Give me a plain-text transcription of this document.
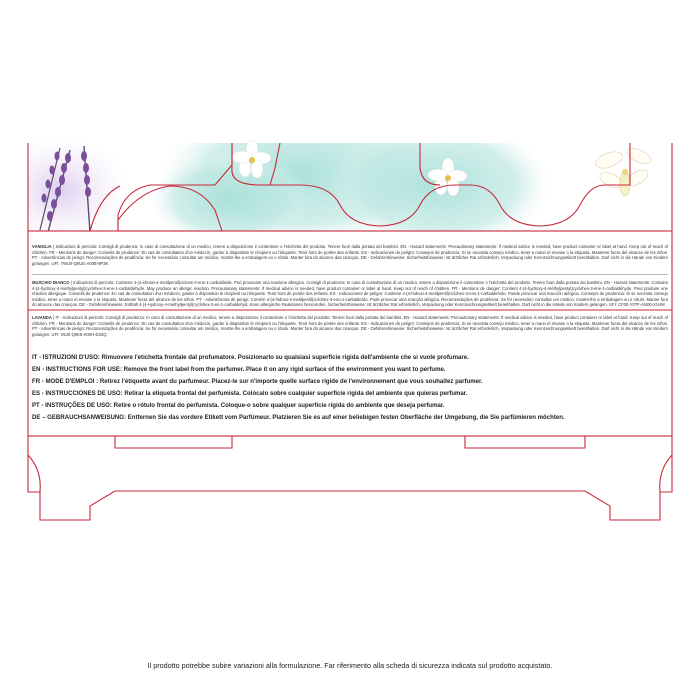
VANIGLIA | Indicazioni di pericolo: Consigli di prudenza: In caso di consultazione di un medico, tenere a disposizione il contenitore o l'etichetta del prodotto. Tenere fuori dalla portata dei bambini. EN - Hazard statements: Precautionary statements: If medical advice is needed, have product container or label at hand. Keep out of reach of children. FR - Mentions de danger: Conseils de prudence: En cas de consultation d'un médecin, garder à disposition le récipient ou l'étiquette. Tenir hors de portée des enfants. ES - Indicaciones de peligro: Consejos de prudencia: Si se necesita consejo médico, tener a mano el envase o la etiqueta. Mantener fuera del alcance de los niños. PT - Advertências de perigo: Recomendações de prudência: Se for necessário consultar um médico, mostre-lhe a embalagem ou o rótulo. Manter fora do alcance das crianças. DE - Gefahrenhinweise: Sicherheitshinweise: Ist ärztlicher Rat erforderlich, Verpackung oder Kennzeichnungsetikett bereithalten. Darf nicht in die Hände von Kindern gelangen. UFI: 7WU0-Q0UE-A00B-9P3K
MUSCHIO BIANCO | Indicazioni di pericolo: Contiene 4-(4-idrossi-4-metilpentil)cicloes-3-ene-1-carbaldeide. Può provocare una reazione allergica. Consigli di prudenza: In caso di consultazione di un medico, tenere a disposizione il contenitore o l'etichetta del prodotto. Tenere fuori dalla portata dei bambini. EN - Hazard statements: Contains 4-(4-hydroxy-4-methylpentyl)cyclohex-3-ene-1-carbaldehyde. May produce an allergic reaction. Precautionary statements: If medical advice is needed, have product container or label at hand. Keep out of reach of children. FR - Mentions de danger: Contient 4-(4-hydroxy-4-méthylpentyl)cyclohex-3-ène-1-carbaldéhyde. Peut produire une réaction allergique. Conseils de prudence: En cas de consultation d'un médecin, garder à disposition le récipient ou l'étiquette. Tenir hors de portée des enfants. ES - Indicaciones de peligro: Contiene 4-(4-hidroxi-4-metilpentil)ciclohex-3-eno-1-carbaldehído. Puede provocar una reacción alérgica. Consejos de prudencia: Si se necesita consejo médico, tener a mano el envase o la etiqueta. Mantener fuera del alcance de los niños. PT - Advertências de perigo: Contém 4-(4-hidroxi-4-metilpentil)ciclohex-3-eno-1-carbaldeído. Pode provocar uma reacção alérgica. Recomendações de prudência: Se for necessário consultar um médico, mostre-lhe a embalagem ou o rótulo. Manter fora do alcance das crianças. DE - Gefahrenhinweise: Enthält 4-(4-Hydroxy-4-methylpentyl)cyclohex-3-en-1-carbaldehyd. Kann allergische Reaktionen hervorrufen. Sicherheitshinweise: Ist ärztlicher Rat erforderlich, Verpackung oder Kennzeichnungsetikett bereithalten. Darf nicht in die Hände von Kindern gelangen. UFI: CF00-Y07F-AN00-X1HM
LAVANDA | IT - Indicazioni di pericolo: Consigli di prudenza: In caso di consultazione di un medico, tenere a disposizione il contenitore o l'etichetta del prodotto. Tenere fuori dalla portata dei bambini. EN - Hazard statements: Precautionary statements: If medical advice is needed, have product container or label at hand. Keep out of reach of children. FR - Mentions de danger: Conseils de prudence: En cas de consultation d'un médecin, garder à disposition le récipient ou l'étiquette. Tenir hors de portée des enfants. ES - Indicaciones de peligro: Consejos de prudencia: Si se necesita consejo médico, tener a mano el envase o la etiqueta. Mantener fuera del alcance de los niños. PT - Advertências de perigo: Recomendações de prudência: Se for necessário consultar um médico, mostre-lhe a embalagem ou o rótulo. Manter fora do alcance das crianças. DE - Gefahrenhinweise: Sicherheitshinweise: Ist ärztlicher Rat erforderlich, Verpackung oder Kennzeichnungsetikett bereithalten. Darf nicht in die Hände von Kindern gelangen. UFI: V5J0-Q0K6-X00H-D23Q
IT - ISTRUZIONI D'USO: Rimuovere l'etichetta frontale dal profumatore. Posizionarlo su qualsiasi superficie rigida dell'ambiente che si vuole profumare.
EN - INSTRUCTIONS FOR USE: Remove the front label from the perfumer. Place it on any rigid surface of the environment you want to perfume.
FR - MODE D'EMPLOI : Retirez l'étiquette avant du parfumeur. Placez-le sur n'importe quelle surface rigide de l'environnement que vous souhaitez parfumer.
ES - INSTRUCCIONES DE USO: Retirar la etiqueta frontal del perfumista. Colócalo sobre cualquier superficie rígida del ambiente que quieras perfumar.
PT - INSTRUÇÕES DE USO: Retire o rótulo frontal do perfumista. Coloque-o sobre qualquer superficie rígida do ambiente que deseja perfumar.
DE – GEBRAUCHSANWEISUNG: Entfernen Sie das vordere Etikett vom Parfümeur. Platzieren Sie es auf einer beliebigen festen Oberfläche der Umgebung, die Sie parfümieren möchten.
Il prodotto potrebbe subire variazioni alla formulazione. Far riferimento alla scheda di sicurezza indicata sul prodotto acquistato.
